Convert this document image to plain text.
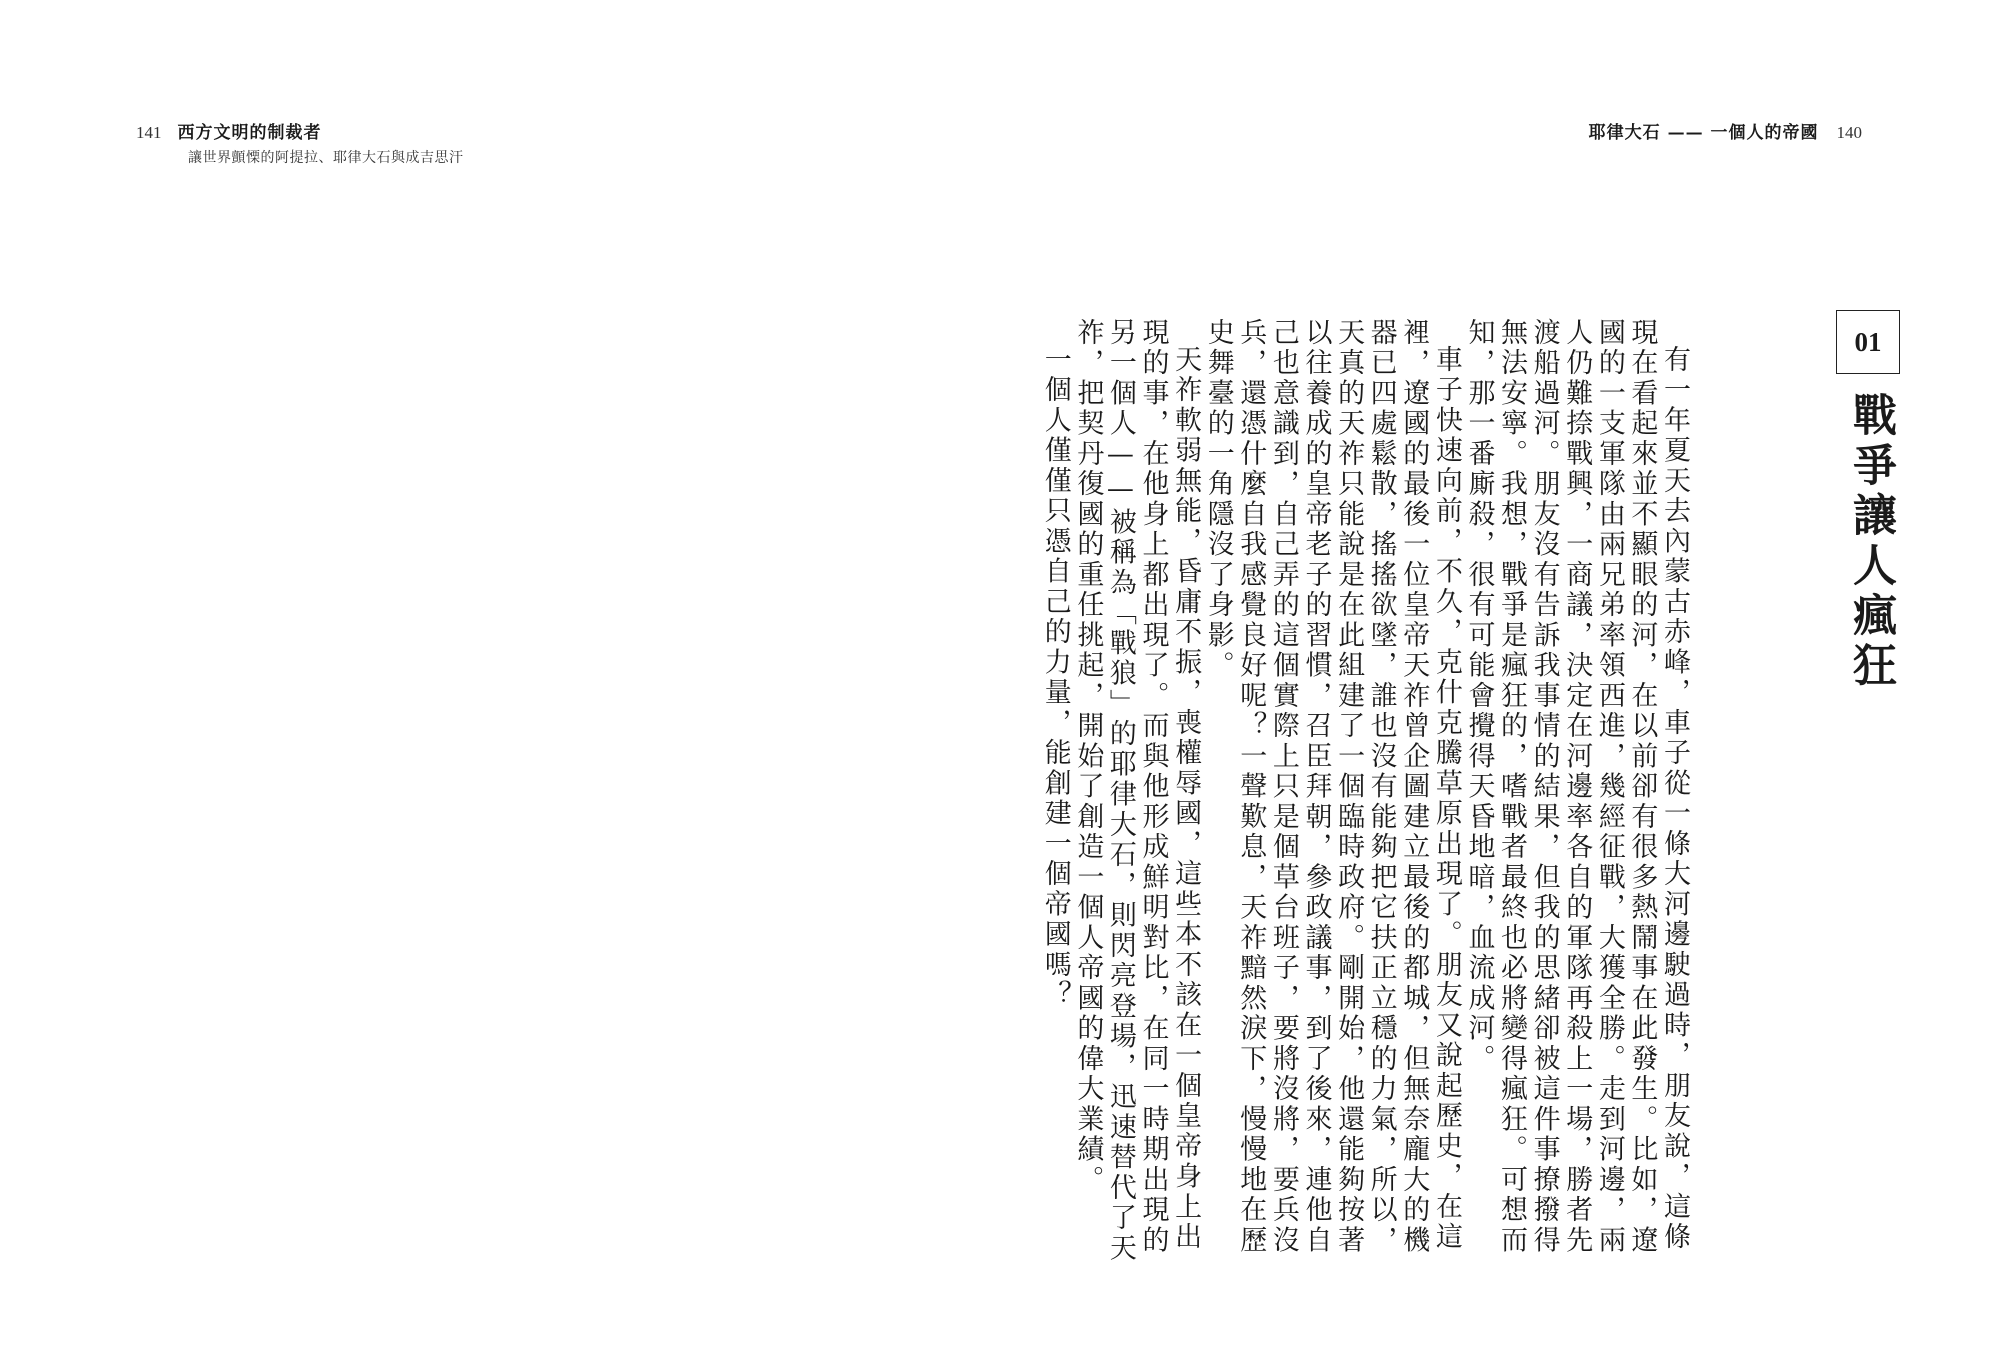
141 西方文明的制裁者
讓世界顫慄的阿提拉、耶律大石與成吉思汗
耶律大石 —— 一個人的帝國 140
01
戰爭讓人瘋狂

有一年夏天去內蒙古赤峰，車子從一條大河邊駛過時，朋友說，這條現在看起來並不顯眼的河，在以前卻有很多熱鬧事在此發生。比如，遼國的一支軍隊由兩兄弟率領西進，幾經征戰，大獲全勝。走到河邊，兩人仍難捺戰興，一商議，決定在河邊率各自的軍隊再殺上一場，勝者先渡船過河。朋友沒有告訴我事情的結果，但我的思緒卻被這件事撩撥得無法安寧。我想，戰爭是瘋狂的，嗜戰者最終也必將變得瘋狂。可想而知，那一番廝殺，很有可能會攪得天昏地暗，血流成河。

車子快速向前，不久，克什克騰草原出現了。朋友又說起歷史，在這裡，遼國的最後一位皇帝天祚曾企圖建立最後的都城，但無奈龐大的機器已四處鬆散，搖搖欲墜，誰也沒有能夠把它扶正立穩的力氣，所以，天真的天祚只能說是在此組建了一個臨時政府。剛開始，他還能夠按著以往養成的皇帝老子的習慣，召臣拜朝，參政議事，到了後來，連他自己也意識到，自己弄的這個實際上只是個草台班子，要將沒將，要兵沒兵，還憑什麼自我感覺良好呢？一聲歎息，天祚黯然淚下，慢慢地在歷史舞臺的一角隱沒了身影。

天祚軟弱無能，昏庸不振，喪權辱國，這些本不該在一個皇帝身上出現的事，在他身上都出現了。而與他形成鮮明對比，在同一時期出現的另一個人——被稱為「戰狼」的耶律大石，則閃亮登場，迅速替代了天祚，把契丹復國的重任挑起，開始了創造一個人帝國的偉大業績。

一個人僅僅只憑自己的力量，能創建一個帝國嗎？
